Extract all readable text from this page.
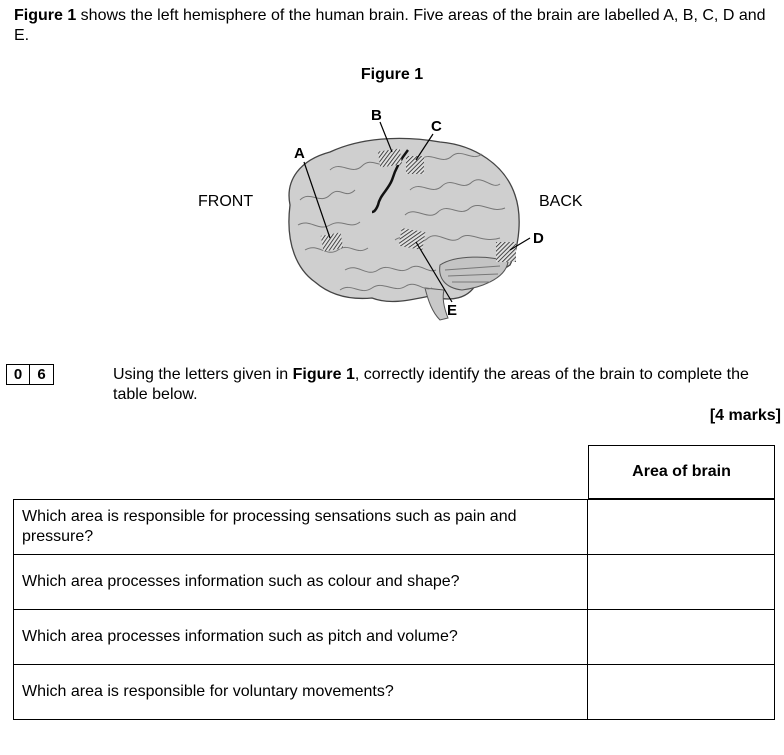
Figure 1 shows the left hemisphere of the human brain. Five areas of the brain are labelled A, B, C, D and E.
Figure 1
FRONT	BACK
A
B
C
D
E
0	6	Using the letters given in Figure 1, correctly identify the areas of the brain to complete the table below.
[4 marks]
Area of brain
Which area is responsible for processing sensations such as pain and pressure?
Which area processes information such as colour and shape?
Which area processes information such as pitch and volume?
Which area is responsible for voluntary movements?
